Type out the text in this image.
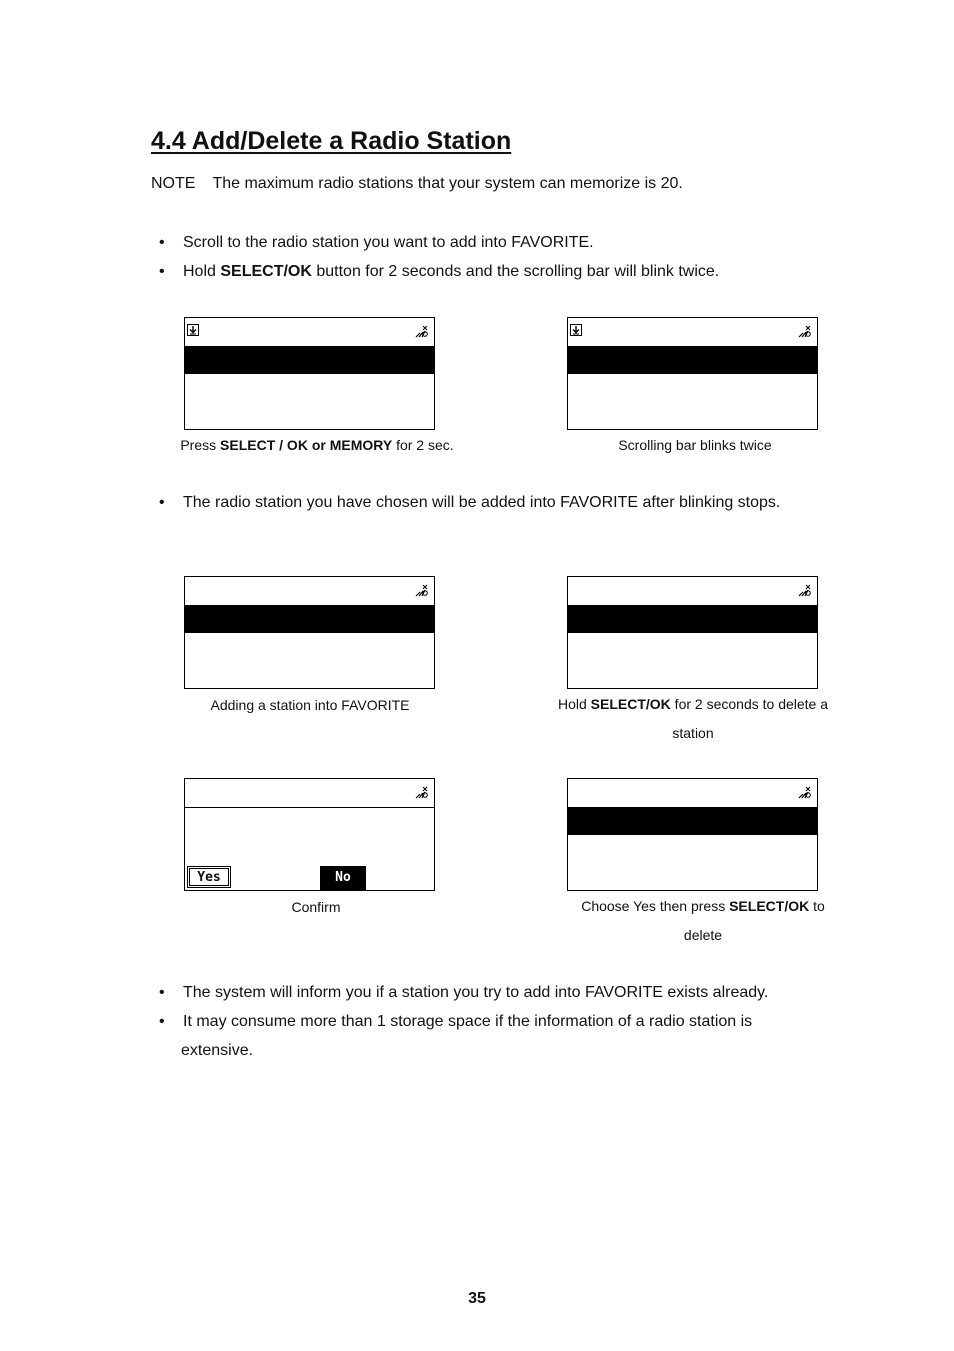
4.4 Add/Delete a Radio Station
NOTE The maximum radio stations that your system can memorize is 20.
• Scroll to the radio station you want to add into FAVORITE.
• Hold SELECT/OK button for 2 seconds and the scrolling bar will blink twice.
Press SELECT / OK or MEMORY for 2 sec.	Scrolling bar blinks twice
• The radio station you have chosen will be added into FAVORITE after blinking stops.
Adding a station into FAVORITE	Hold SELECT/OK for 2 seconds to delete a
station
Yes	No
Confirm	Choose Yes then press SELECT/OK to
delete
• The system will inform you if a station you try to add into FAVORITE exists already.
• It may consume more than 1 storage space if the information of a radio station is
extensive.
35
